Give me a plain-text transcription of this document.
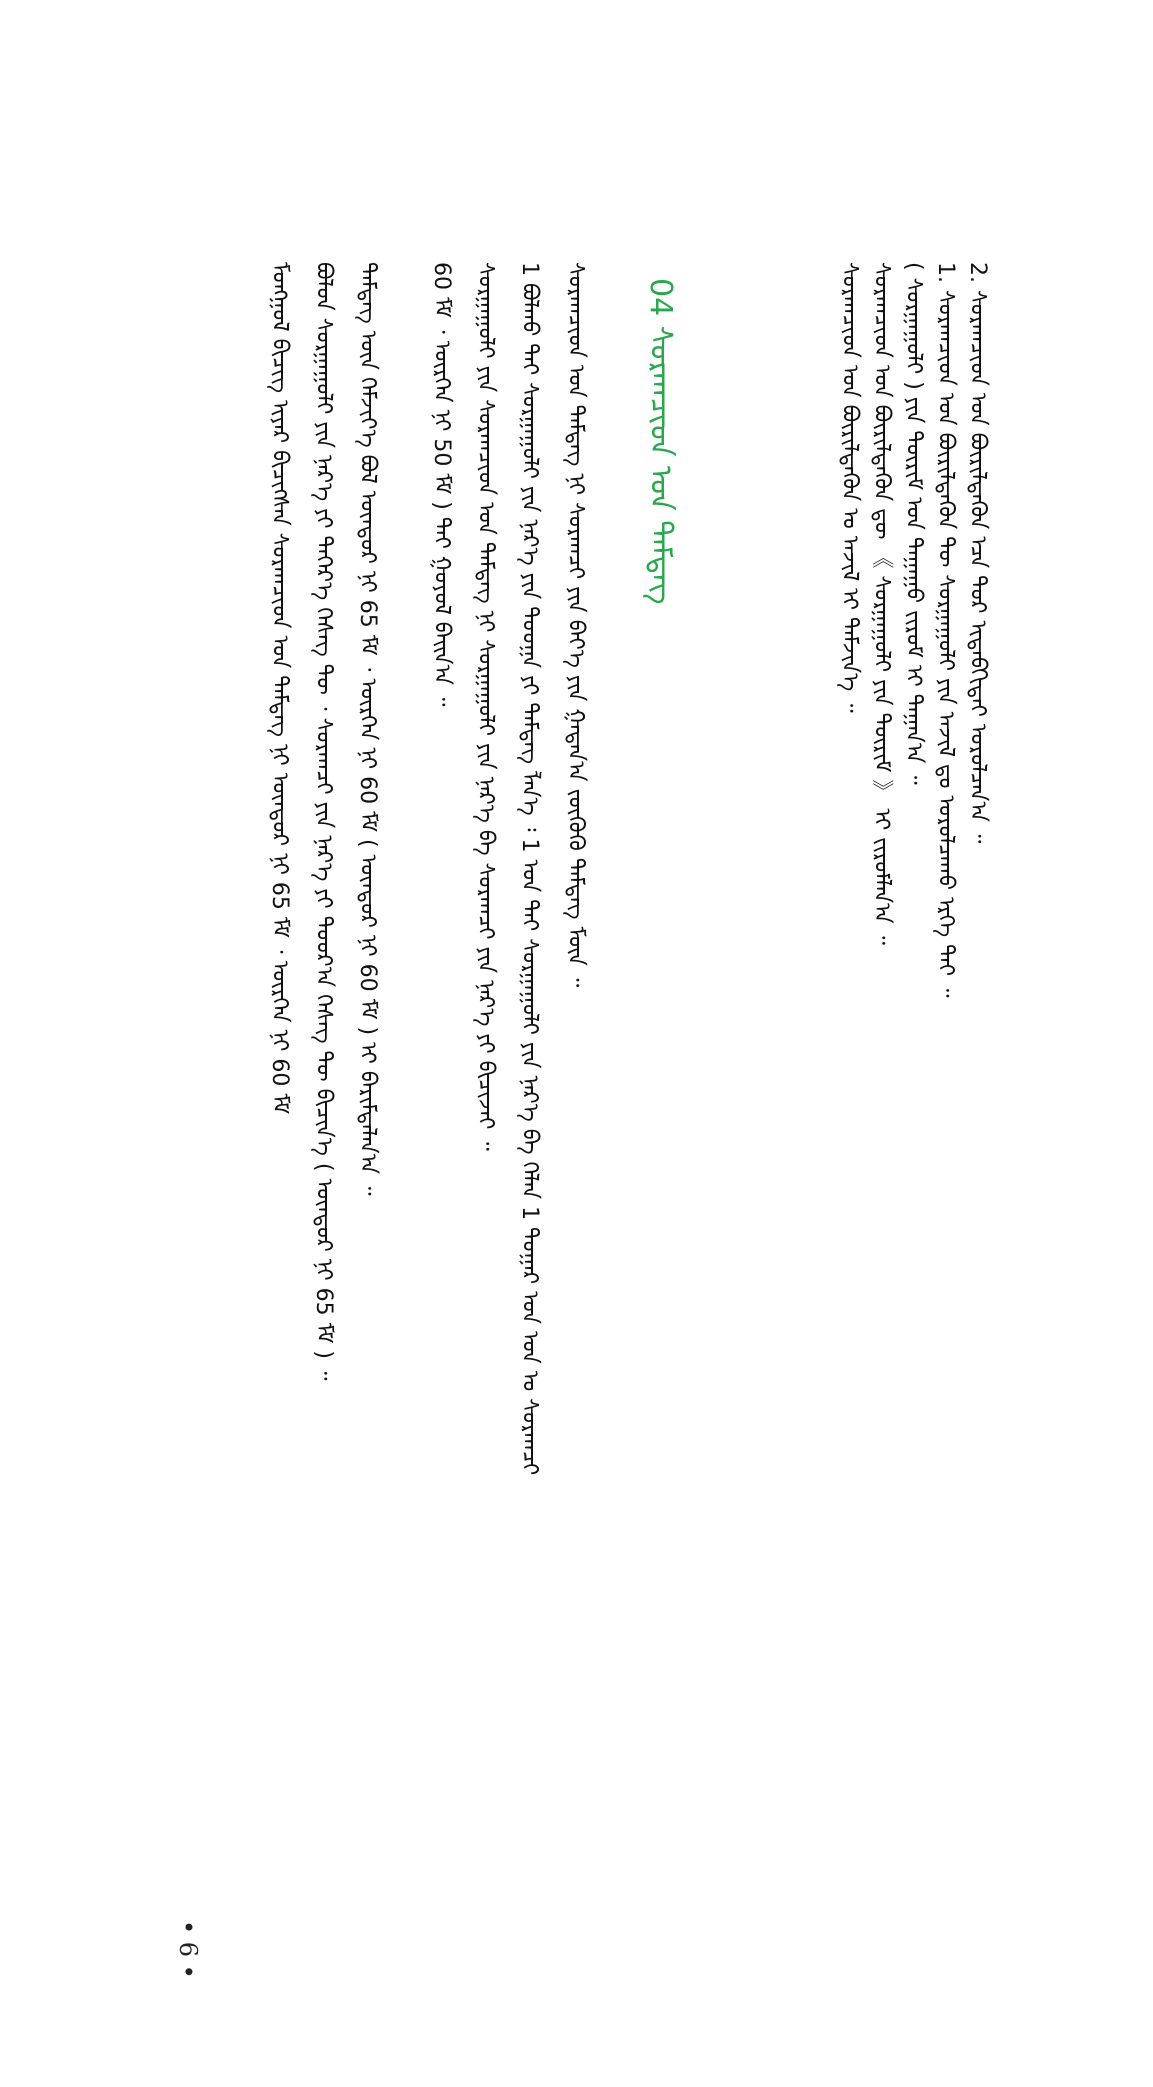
2. ᠰᠤᠷᠠᠭᠴᠢᠳ ᠤᠨ ᠪᠦᠷᠢᠯᠳᠡᠬᠦᠨ ᠡᠴᠡ ᠲᠤᠷ ᠢᠳᠡᠪᠬᠢᠲᠡᠶ ᠣᠷᠣᠯᠴᠠᠨ᠎ᠠ ᠃
1. ᠰᠤᠷᠠᠭᠴᠢᠳ ᠤᠨ ᠪᠦᠷᠢᠯᠳᠡᠬᠦᠨ ᠲᠦ ᠰᠤᠷᠭᠠᠭᠤᠯᠢ ᠶᠢᠨ ᠠᠵᠢᠯ ᠳᠤ ᠣᠷᠣᠯᠴᠠᠬᠤ ᠡᠷᠬᠡ ᠲᠠᠢ ᠃
( ᠰᠤᠷᠭᠠᠭᠤᠯᠢ ) ᠶᠢᠨ ᠳᠦᠷᠢᠮ ᠤᠨ ᠳᠠᠭᠠᠭᠤ ᠵᠢᠷᠤᠮ ᠢ ᠳᠠᠭᠠᠨ᠎ᠠ ᠃
ᠰᠤᠷᠠᠭᠴᠢᠳ ᠤᠨ ᠪᠦᠷᠢᠯᠳᠡᠬᠦᠨ ᠳᠦ 《 ᠰᠤᠷᠭᠠᠭᠤᠯᠢ ᠶᠢᠨ ᠳᠦᠷᠢᠮ 》 ᠢ ᠵᠢᠷᠤᠮᠯᠠᠨ᠎ᠠ ᠃
ᠰᠤᠷᠠᠭᠴᠢᠳ ᠤᠨ ᠪᠦᠷᠢᠯᠳᠡᠬᠦᠨ ᠤ ᠠᠵᠢᠯ ᠢ ᠳᠡᠮᠵᠢᠨ᠎ᠡ ᠃
04 ᠰᠤᠷᠠᠭᠴᠢᠳ ᠤᠨ ᠲᠡᠮᠳᠡᠭ
ᠰᠤᠷᠠᠭᠴᠢᠳ ᠤᠨ ᠲᠡᠮᠳᠡᠭ ᠨᠢ ᠰᠤᠷᠠᠭᠴᠢ ᠶᠢᠨ ᠪᠡᠶ᠎ᠡ ᠶᠢᠨ ᠭᠠᠳᠠᠨ᠎ᠠ ᠵᠦᠬᠦᠬᠦ ᠲᠡᠮᠳᠡᠭ ᠮᠥᠨ ᠃
1 ᠪᠣᠯᠬᠤ ᠲᠠᠢ ᠰᠤᠷᠭᠠᠭᠤᠯᠢ ᠶᠢᠨ ᠨᠡᠷ᠎ᠡ ᠶᠢᠨ ᠳᠣᠤᠭᠠ ᠶᠢ ᠲᠡᠮᠳᠡᠭ ᠯᠡᠨ᠎ᠡ ᠄ 1 ᠤᠨ ᠲᠠᠢ ᠰᠤᠷᠭᠠᠭᠤᠯᠢ ᠶᠢᠨ ᠨᠡᠷ᠎ᠡ ᠪᠠ ᠬᠡᠯᠡᠨ 1 ᠳᠤᠭᠠᠷ ᠤᠨ ᠣᠨ ᠤ ᠰᠤᠷᠠᠭᠴᠢ
ᠰᠤᠷᠭᠠᠭᠤᠯᠢ ᠶᠢᠨ ᠰᠤᠷᠠᠭᠴᠢᠳ ᠤᠨ ᠲᠡᠮᠳᠡᠭ ᠨᠢ ᠰᠤᠷᠭᠠᠭᠤᠯᠢ ᠶᠢᠨ ᠨᠡᠷ᠎ᠡ ᠪᠠ ᠰᠤᠷᠠᠭᠴᠢ ᠶᠢᠨ ᠨᠡᠷ᠎ᠡ ᠶᠢ ᠪᠢᠴᠢᠵᠡᠢ ᠃
60 ᠮᠮ ᠂ ᠥᠷᠭᠡᠨ ᠨᠢ 50 ᠮᠮ ) ᠲᠠᠢ ᠭᠣᠶᠣᠯ ᠪᠠᠢᠨ᠎ᠠ ᠃
ᠲᠡᠮᠳᠡᠭ ᠦᠨ ᠬᠡᠮᠵᠢᠶ᠎ᠡ ᠪᠣᠯ ᠦᠨᠳᠦᠷ ᠨᠢ 65 ᠮᠮ ᠂ ᠥᠷᠭᠡᠨ ᠨᠢ 60 ᠮᠮ ( ᠦᠨᠳᠦᠷ ᠨᠢ 60 ᠮᠮ ) ᠢ ᠪᠠᠷᠢᠮᠲᠠᠯᠠᠨ᠎ᠠ ᠃
ᠪᠣᠯᠤᠨ ᠰᠤᠷᠭᠠᠭᠤᠯᠢ ᠶᠢᠨ ᠨᠡᠷ᠎ᠡ ᠶᠢ ᠳᠡᠭᠡᠷ᠎ᠡ ᠬᠡᠰᠡᠭ ᠲᠦ ᠂ ᠰᠤᠷᠠᠭᠴᠢ ᠶᠢᠨ ᠨᠡᠷ᠎ᠡ ᠶᠢ ᠳᠣᠣᠷ᠎ᠠ ᠬᠡᠰᠡᠭ ᠲᠦ ᠪᠢᠴᠢᠨ᠎ᠡ ( ᠦᠨᠳᠦᠷ ᠨᠢ 65 ᠮᠮ ) ᠃
ᠮᠣᠩᠭᠣᠯ ᠪᠢᠴᠢᠭ ᠢᠶᠠᠷ ᠪᠢᠴᠢᠭᠰᠡᠨ ᠰᠤᠷᠠᠭᠴᠢᠳ ᠤᠨ ᠲᠡᠮᠳᠡᠭ ᠨᠢ ᠦᠨᠳᠦᠷ ᠨᠢ 65 ᠮᠮ ᠂ ᠥᠷᠭᠡᠨ ᠨᠢ 60 ᠮᠮ
• 6 •
